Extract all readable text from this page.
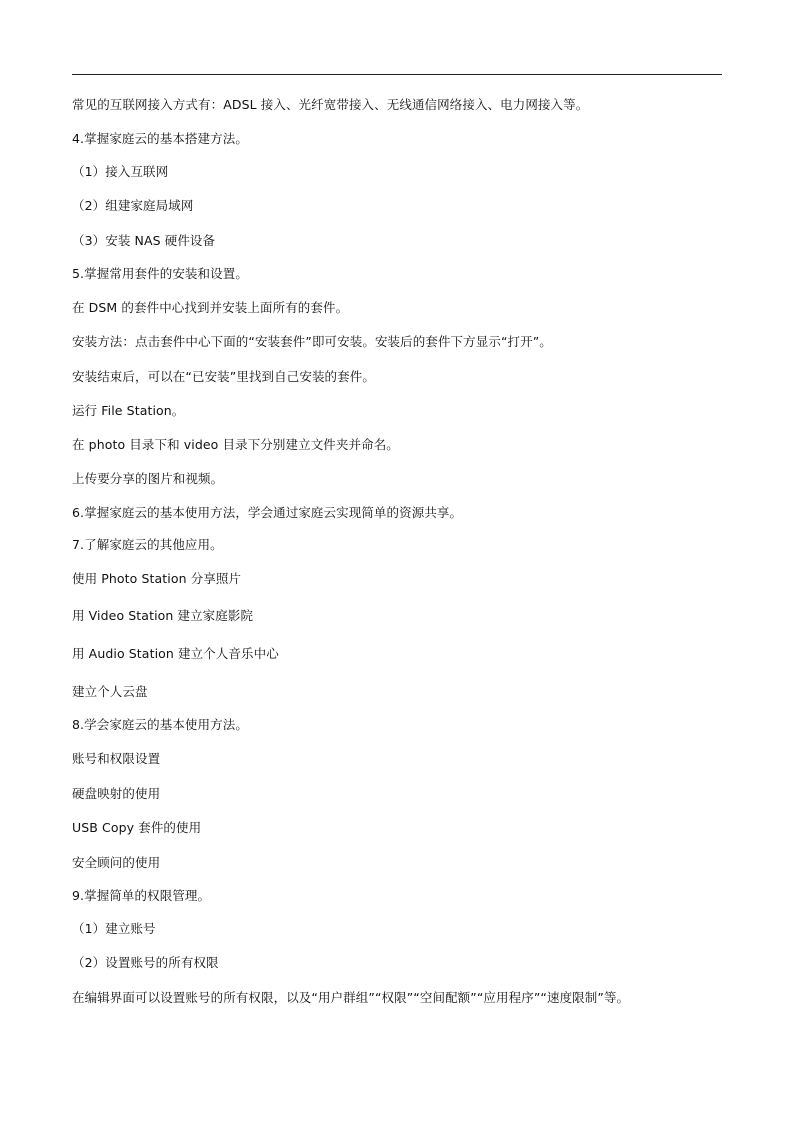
常见的互联网接入方式有：ADSL 接入、光纤宽带接入、无线通信网络接入、电力网接入等。
4.掌握家庭云的基本搭建方法。
（1）接入互联网
（2）组建家庭局域网
（3）安装 NAS 硬件设备
5.掌握常用套件的安装和设置。
在 DSM 的套件中心找到并安装上面所有的套件。
安装方法：点击套件中心下面的“安装套件”即可安装。安装后的套件下方显示“打开”。
安装结束后，可以在“已安装”里找到自己安装的套件。
运行 File Station。
在 photo 目录下和 video 目录下分别建立文件夹并命名。
上传要分享的图片和视频。
6.掌握家庭云的基本使用方法，学会通过家庭云实现简单的资源共享。
7.了解家庭云的其他应用。
使用 Photo Station 分享照片
用 Video Station 建立家庭影院
用 Audio Station 建立个人音乐中心
建立个人云盘
8.学会家庭云的基本使用方法。
账号和权限设置
硬盘映射的使用
USB Copy 套件的使用
安全顾问的使用
9.掌握简单的权限管理。
（1）建立账号
（2）设置账号的所有权限
在编辑界面可以设置账号的所有权限，以及“用户群组”“权限”“空间配额”“应用程序”“速度限制”等。
